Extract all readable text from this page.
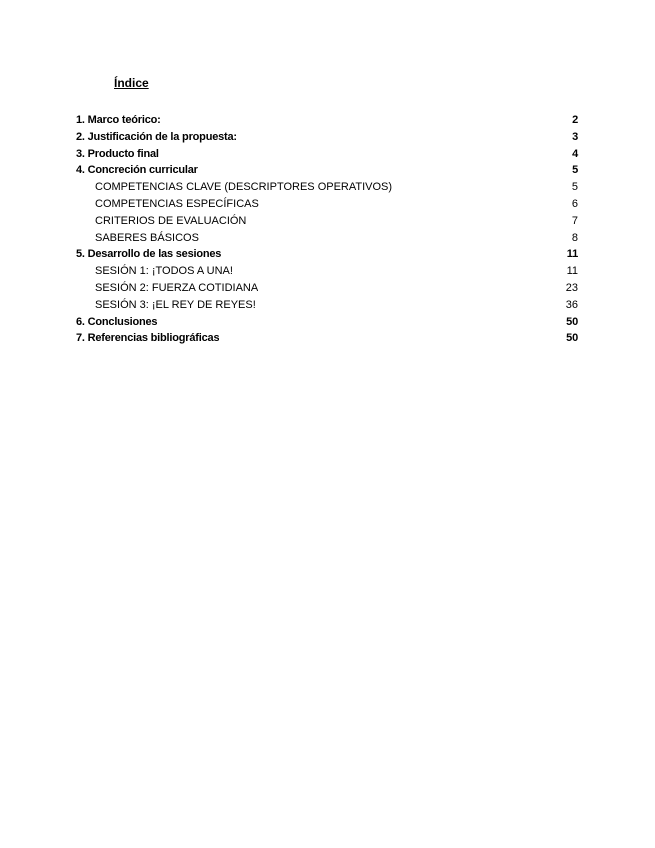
Índice
1. Marco teórico:	2
2. Justificación de la propuesta:	3
3. Producto final	4
4. Concreción curricular	5
COMPETENCIAS CLAVE (DESCRIPTORES OPERATIVOS)	5
COMPETENCIAS ESPECÍFICAS	6
CRITERIOS DE EVALUACIÓN	7
SABERES BÁSICOS	8
5. Desarrollo de las sesiones	11
SESIÓN 1: ¡TODOS A UNA!	11
SESIÓN 2: FUERZA COTIDIANA	23
SESIÓN 3: ¡EL REY DE REYES!	36
6. Conclusiones	50
7. Referencias bibliográficas	50
